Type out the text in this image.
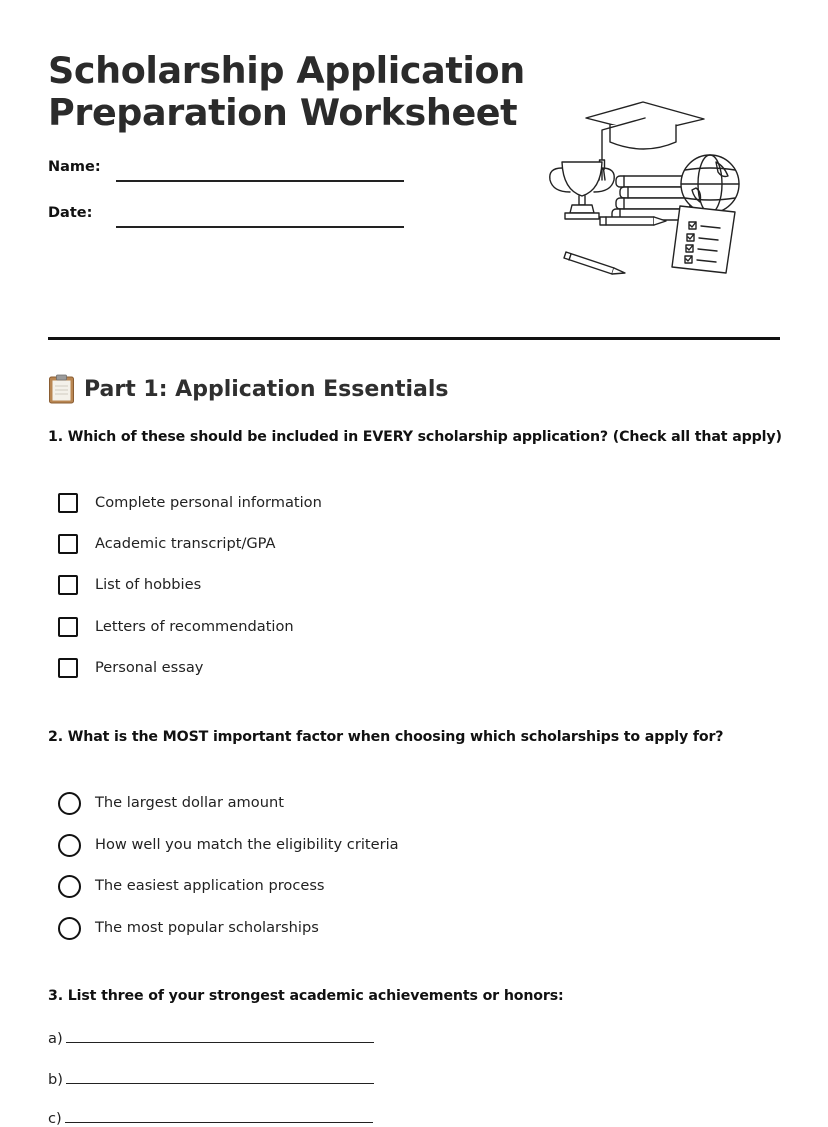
Scholarship Application
Preparation Worksheet
Name:
Date:
Part 1: Application Essentials
1. Which of these should be included in EVERY scholarship application? (Check all that apply)
Complete personal information
Academic transcript/GPA
List of hobbies
Letters of recommendation
Personal essay
2. What is the MOST important factor when choosing which scholarships to apply for?
The largest dollar amount
How well you match the eligibility criteria
The easiest application process
The most popular scholarships
3. List three of your strongest academic achievements or honors:
a)
b)
c)
